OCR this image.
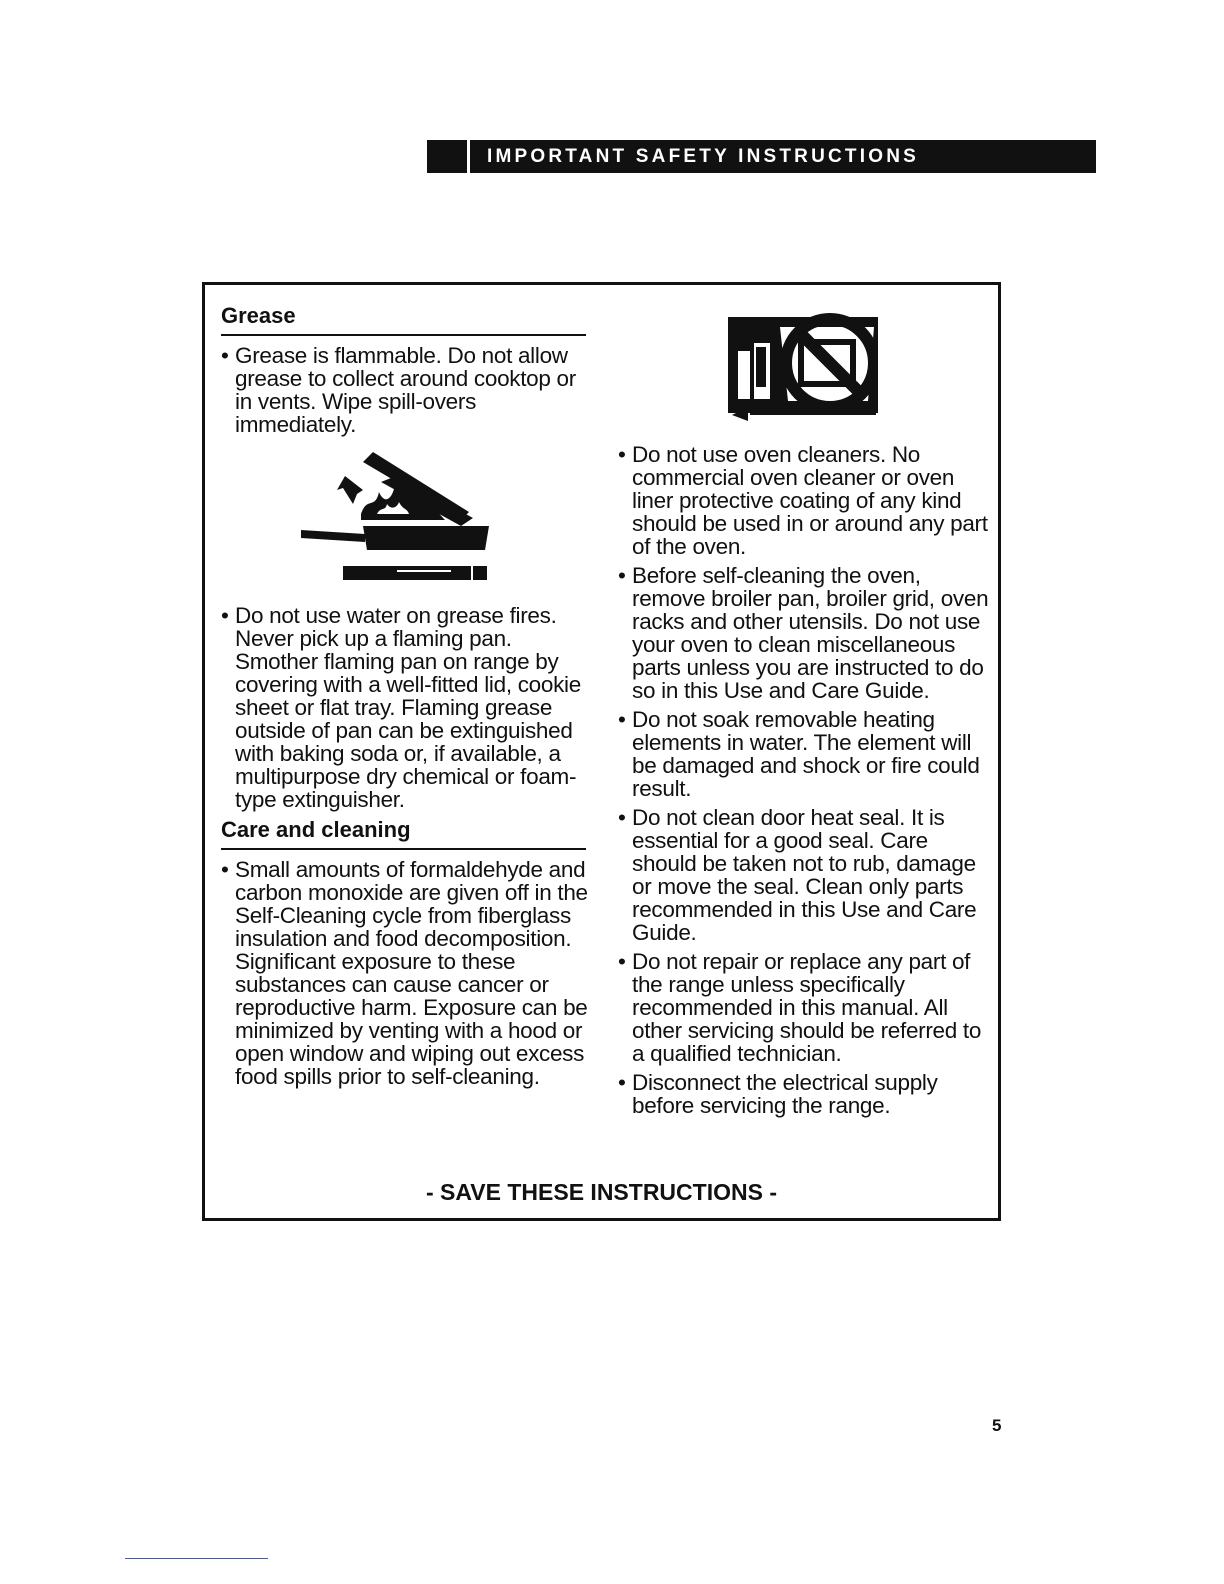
IMPORTANT SAFETY INSTRUCTIONS
Grease
• Grease is flammable. Do not allow grease to collect around cooktop or in vents. Wipe spill-overs immediately.
• Do not use water on grease fires. Never pick up a flaming pan. Smother flaming pan on range by covering with a well-fitted lid, cookie sheet or flat tray. Flaming grease outside of pan can be extinguished with baking soda or, if available, a multipurpose dry chemical or foam-type extinguisher.
Care and cleaning
• Small amounts of formaldehyde and carbon monoxide are given off in the Self-Cleaning cycle from fiberglass insulation and food decomposition. Significant exposure to these substances can cause cancer or reproductive harm. Exposure can be minimized by venting with a hood or open window and wiping out excess food spills prior to self-cleaning.
• Do not use oven cleaners. No commercial oven cleaner or oven liner protective coating of any kind should be used in or around any part of the oven.
• Before self-cleaning the oven, remove broiler pan, broiler grid, oven racks and other utensils. Do not use your oven to clean miscellaneous parts unless you are instructed to do so in this Use and Care Guide.
• Do not soak removable heating elements in water. The element will be damaged and shock or fire could result.
• Do not clean door heat seal. It is essential for a good seal. Care should be taken not to rub, damage or move the seal. Clean only parts recommended in this Use and Care Guide.
• Do not repair or replace any part of the range unless specifically recommended in this manual. All other servicing should be referred to a qualified technician.
• Disconnect the electrical supply before servicing the range.
- SAVE THESE INSTRUCTIONS -
5
